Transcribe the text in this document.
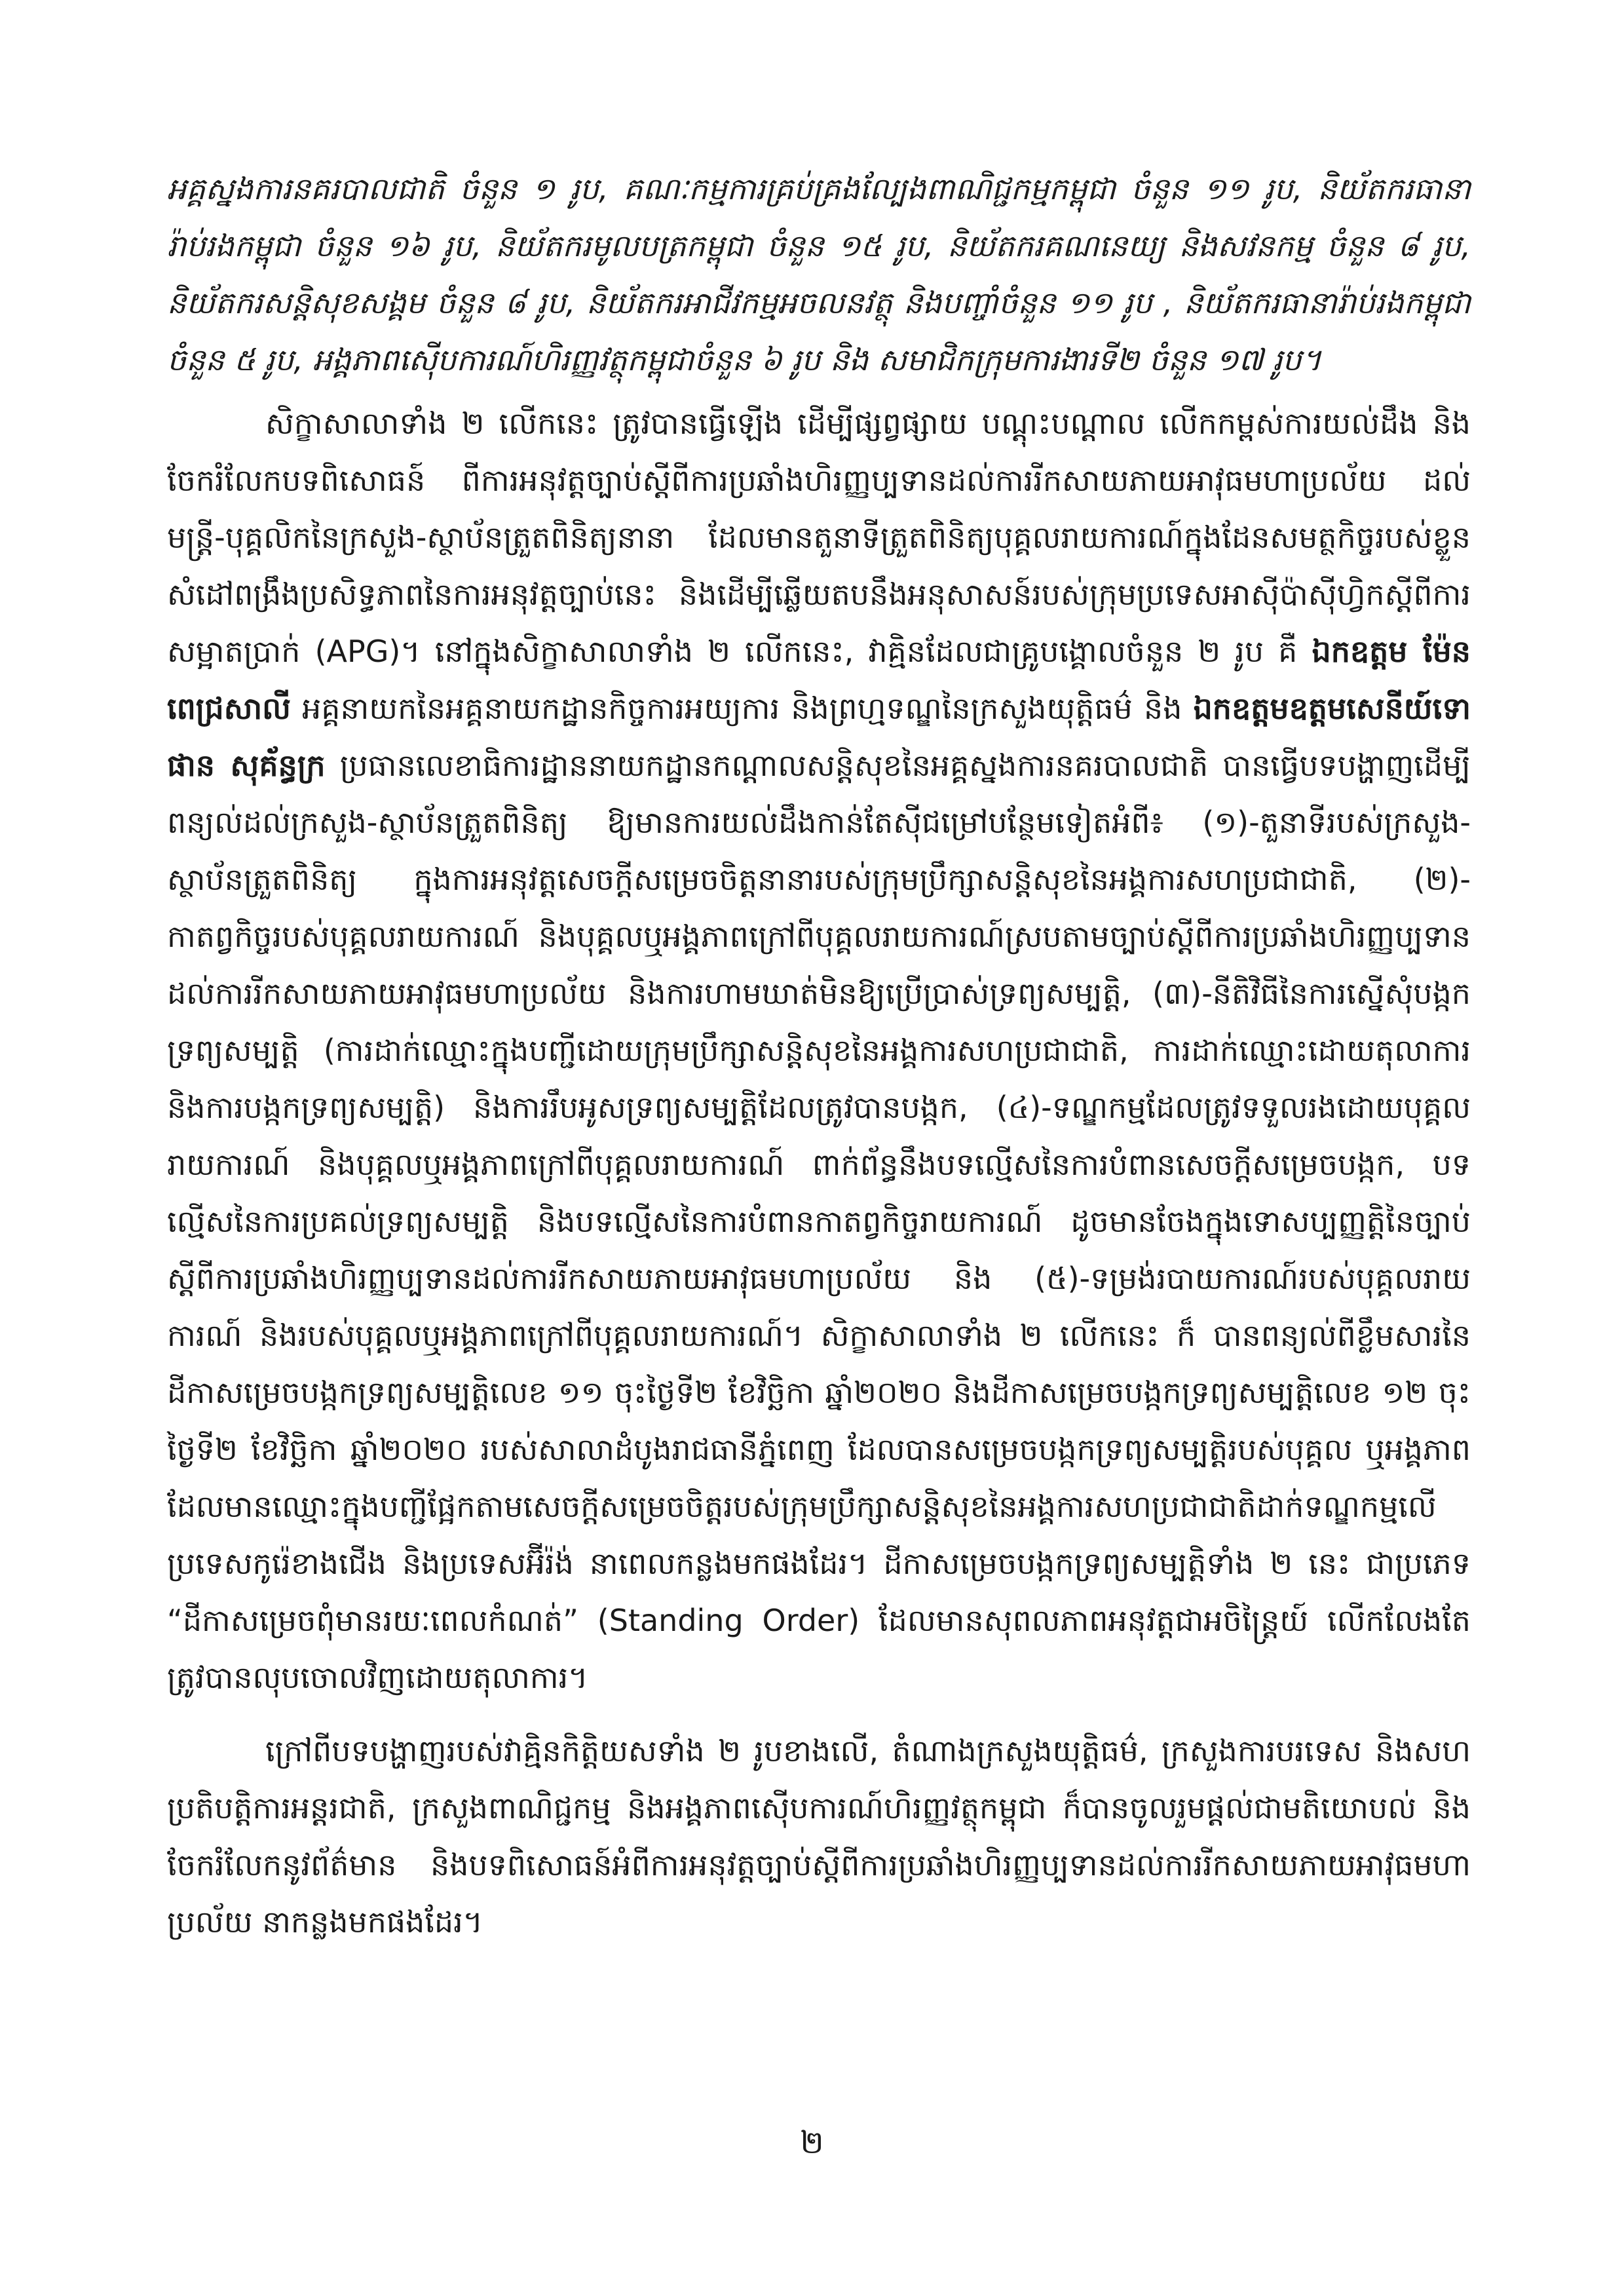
អគ្គស្នងការនគរបាលជាតិ ចំនួន ១ រូប, គណៈកម្មការគ្រប់គ្រងល្បែងពាណិជ្ជកម្មកម្ពុជា ចំនួន ១១ រូប, និយ័តករធានារ៉ាប់រងកម្ពុជា ចំនួន ១៦ រូប, និយ័តករមូលបត្រកម្ពុជា ចំនួន ១៥ រូប, និយ័តករគណនេយ្យ និងសវនកម្ម ចំនួន ៨ រូប, និយ័តករសន្តិសុខសង្គម ចំនួន ៨ រូប, និយ័តករអាជីវកម្មអចលនវត្ថុ និងបញ្ចាំចំនួន ១១ រូប , និយ័តករធានារ៉ាប់រងកម្ពុជា ចំនួន ៥ រូប, អង្គភាពស៊ើបការណ៍ហិរញ្ញវត្ថុកម្ពុជាចំនួន ៦ រូប និង សមាជិកក្រុមការងារទី២ ចំនួន ១៧ រូប។

សិក្ខាសាលាទាំង ២ លើកនេះ ត្រូវបានធ្វើឡើង ដើម្បីផ្សព្វផ្សាយ បណ្តុះបណ្តាល លើកកម្ពស់ការយល់ដឹង និងចែករំលែកបទពិសោធន៍ ពីការអនុវត្តច្បាប់ស្តីពីការប្រឆាំងហិរញ្ញប្បទានដល់ការរីកសាយភាយអាវុធមហាប្រល័យ ដល់មន្ត្រី-បុគ្គលិកនៃក្រសួង-ស្ថាប័នត្រួតពិនិត្យនានា ដែលមានតួនាទីត្រួតពិនិត្យបុគ្គលរាយការណ៍ក្នុងដែនសមត្ថកិច្ចរបស់ខ្លួន សំដៅពង្រឹងប្រសិទ្ធភាពនៃការអនុវត្តច្បាប់នេះ និងដើម្បីឆ្លើយតបនឹងអនុសាសន៍របស់ក្រុមប្រទេសអាស៊ីប៉ាស៊ីហ្វិកស្តីពីការសម្អាតប្រាក់ (APG)។ នៅក្នុងសិក្ខាសាលាទាំង ២ លើកនេះ, វាគ្មិនដែលជាគ្រូបង្គោលចំនួន ២ រូប គឺ ឯកឧត្តម ម៉ែន ពេជ្រសាលី អគ្គនាយកនៃអគ្គនាយកដ្ឋានកិច្ចការអយ្យការ និងព្រហ្មទណ្ឌនៃក្រសួងយុត្តិធម៌ និង ឯកឧត្តមឧត្តមសេនីយ៍ទោ ផាន សុគ័ន្ធក្រ ប្រធានលេខាធិការដ្ឋាននាយកដ្ឋានកណ្តាលសន្តិសុខនៃអគ្គស្នងការនគរបាលជាតិ បានធ្វើបទបង្ហាញដើម្បីពន្យល់ដល់ក្រសួង-ស្ថាប័នត្រួតពិនិត្យ ឱ្យមានការយល់ដឹងកាន់តែស៊ីជម្រៅបន្ថែមទៀតអំពី៖ (១)-តួនាទីរបស់ក្រសួង-ស្ថាប័នត្រួតពិនិត្យ ក្នុងការអនុវត្តសេចក្តីសម្រេចចិត្តនានារបស់ក្រុមប្រឹក្សាសន្តិសុខនៃអង្គការសហប្រជាជាតិ, (២)-កាតព្វកិច្ចរបស់បុគ្គលរាយការណ៍ និងបុគ្គលឬអង្គភាពក្រៅពីបុគ្គលរាយការណ៍ស្របតាមច្បាប់ស្តីពីការប្រឆាំងហិរញ្ញប្បទានដល់ការរីកសាយភាយអាវុធមហាប្រល័យ និងការហាមឃាត់មិនឱ្យប្រើប្រាស់ទ្រព្យសម្បត្តិ, (៣)-នីតិវិធីនៃការស្នើសុំបង្កកទ្រព្យសម្បត្តិ (ការដាក់ឈ្មោះក្នុងបញ្ជីដោយក្រុមប្រឹក្សាសន្តិសុខនៃអង្គការសហប្រជាជាតិ, ការដាក់ឈ្មោះដោយតុលាការ និងការបង្កកទ្រព្យសម្បត្តិ) និងការរឹបអូសទ្រព្យសម្បត្តិដែលត្រូវបានបង្កក, (៤)-ទណ្ឌកម្មដែលត្រូវទទួលរងដោយបុគ្គលរាយការណ៍ និងបុគ្គលឬអង្គភាពក្រៅពីបុគ្គលរាយការណ៍ ពាក់ព័ន្ធនឹងបទល្មើសនៃការបំពានសេចក្តីសម្រេចបង្កក, បទល្មើសនៃការប្រគល់ទ្រព្យសម្បត្តិ និងបទល្មើសនៃការបំពានកាតព្វកិច្ចរាយការណ៍ ដូចមានចែងក្នុងទោសប្បញ្ញត្តិនៃច្បាប់ស្តីពីការប្រឆាំងហិរញ្ញប្បទានដល់ការរីកសាយភាយអាវុធមហាប្រល័យ និង (៥)-ទម្រង់របាយការណ៍របស់បុគ្គលរាយការណ៍ និងរបស់បុគ្គលឬអង្គភាពក្រៅពីបុគ្គលរាយការណ៍។ សិក្ខាសាលាទាំង ២ លើកនេះ ក៏ បានពន្យល់ពីខ្លឹមសារនៃដីកាសម្រេចបង្កកទ្រព្យសម្បត្តិលេខ ១១ ចុះថ្ងៃទី២ ខែវិច្ឆិកា ឆ្នាំ២០២០ និងដីកាសម្រេចបង្កកទ្រព្យសម្បត្តិលេខ ១២ ចុះថ្ងៃទី២ ខែវិច្ឆិកា ឆ្នាំ២០២០ របស់សាលាដំបូងរាជធានីភ្នំពេញ ដែលបានសម្រេចបង្កកទ្រព្យសម្បត្តិរបស់បុគ្គល ឬអង្គភាពដែលមានឈ្មោះក្នុងបញ្ជីផ្អែកតាមសេចក្តីសម្រេចចិត្តរបស់ក្រុមប្រឹក្សាសន្តិសុខនៃអង្គការសហប្រជាជាតិដាក់ទណ្ឌកម្មលើប្រទេសកូរ៉េខាងជើង និងប្រទេសអ៊ីរ៉ង់ នាពេលកន្លងមកផងដែរ។ ដីកាសម្រេចបង្កកទ្រព្យសម្បត្តិទាំង ២ នេះ ជាប្រភេទ “ដីកាសម្រេចពុំមានរយៈពេលកំណត់” (Standing Order) ដែលមានសុពលភាពអនុវត្តជាអចិន្ត្រៃយ៍ លើកលែងតែត្រូវបានលុបចោលវិញដោយតុលាការ។

ក្រៅពីបទបង្ហាញរបស់វាគ្មិនកិត្តិយសទាំង ២ រូបខាងលើ, តំណាងក្រសួងយុត្តិធម៌, ក្រសួងការបរទេស និងសហប្រតិបត្តិការអន្តរជាតិ, ក្រសួងពាណិជ្ជកម្ម និងអង្គភាពស៊ើបការណ៍ហិរញ្ញវត្ថុកម្ពុជា ក៏បានចូលរួមផ្តល់ជាមតិយោបល់ និងចែករំលែកនូវព័ត៌មាន និងបទពិសោធន៍អំពីការអនុវត្តច្បាប់ស្តីពីការប្រឆាំងហិរញ្ញប្បទានដល់ការរីកសាយភាយអាវុធមហាប្រល័យ នាកន្លងមកផងដែរ។

២
